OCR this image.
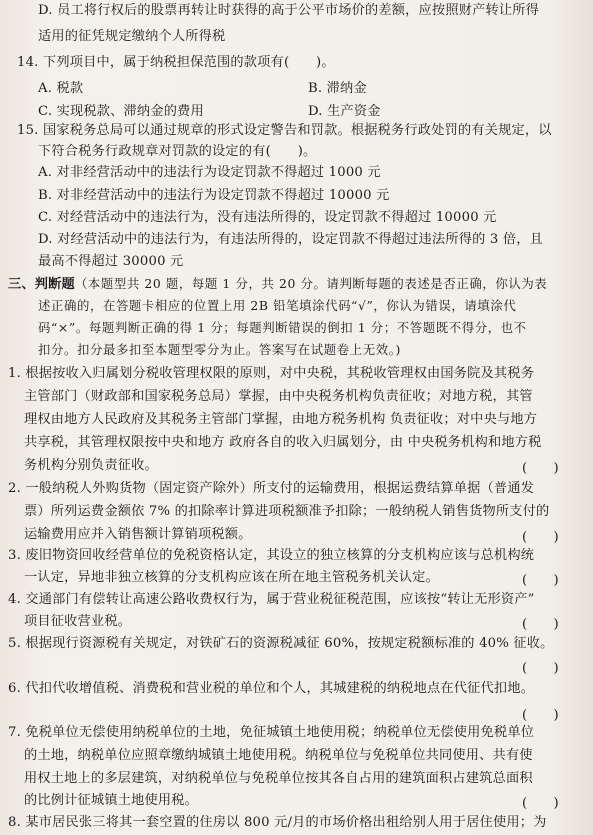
D. 员工将行权后的股票再转让时获得的高于公平市场价的差额，应按照财产转让所得
适用的征凭规定缴纳个人所得税
14. 下列项目中，属于纳税担保范围的款项有(　　)。
A. 税款	B. 滞纳金
C. 实现税款、滞纳金的费用	D. 生产资金
15. 国家税务总局可以通过规章的形式设定警告和罚款。根据税务行政处罚的有关规定，以
下符合税务行政规章对罚款的设定的有(　　)。
A. 对非经营活动中的违法行为设定罚款不得超过 1000 元
B. 对非经营活动中的违法行为设定罚款不得超过 10000 元
C. 对经营活动中的违法行为，没有违法所得的，设定罚款不得超过 10000 元
D. 对经营活动中的违法行为，有违法所得的，设定罚款不得超过违法所得的 3 倍，且
最高不得超过 30000 元
三、判断题（本题型共 20 题，每题 1 分，共 20 分。请判断每题的表述是否正确，你认为表
述正确的，在答题卡相应的位置上用 2B 铅笔填涂代码“√”，你认为错误，请填涂代
码“×”。每题判断正确的得 1 分；每题判断错误的倒扣 1 分；不答题既不得分，也不
扣分。扣分最多扣至本题型零分为止。答案写在试题卷上无效。)
1. 根据按收入归属划分税收管理权限的原则，对中央税，其税收管理权由国务院及其税务
主管部门（财政部和国家税务总局）掌握，由中央税务机构负责征收；对地方税，其管
理权由地方人民政府及其税务主管部门掌握，由地方税务机构 负责征收；对中央与地方
共享税，其管理权限按中央和地方 政府各自的收入归属划分，由 中央税务机构和地方税
务机构分别负责征收。	(　　)
2. 一般纳税人外购货物（固定资产除外）所支付的运输费用，根据运费结算单据（普通发
票）所列运费金额依 7% 的扣除率计算进项税额准予扣除；一般纳税人销售货物所支付的
运输费用应并入销售额计算销项税额。	(　　)
3. 废旧物资回收经营单位的免税资格认定，其设立的独立核算的分支机构应该与总机构统
一认定，异地非独立核算的分支机构应该在所在地主管税务机关认定。	(　　)
4. 交通部门有偿转让高速公路收费权行为，属于营业税征税范围，应该按“转让无形资产”
项目征收营业税。	(　　)
5. 根据现行资源税有关规定，对铁矿石的资源税减征 60%，按规定税额标准的 40% 征收。
(　　)
6. 代扣代收增值税、消费税和营业税的单位和个人，其城建税的纳税地点在代征代扣地。
(　　)
7. 免税单位无偿使用纳税单位的土地，免征城镇土地使用税；纳税单位无偿使用免税单位
的土地，纳税单位应照章缴纳城镇土地使用税。纳税单位与免税单位共同使用、共有使
用权土地上的多层建筑，对纳税单位与免税单位按其各自占用的建筑面积占建筑总面积
的比例计征城镇土地使用税。	(　　)
8. 某市居民张三将其一套空置的住房以 800 元/月的市场价格出租给别人用于居住使用；为
